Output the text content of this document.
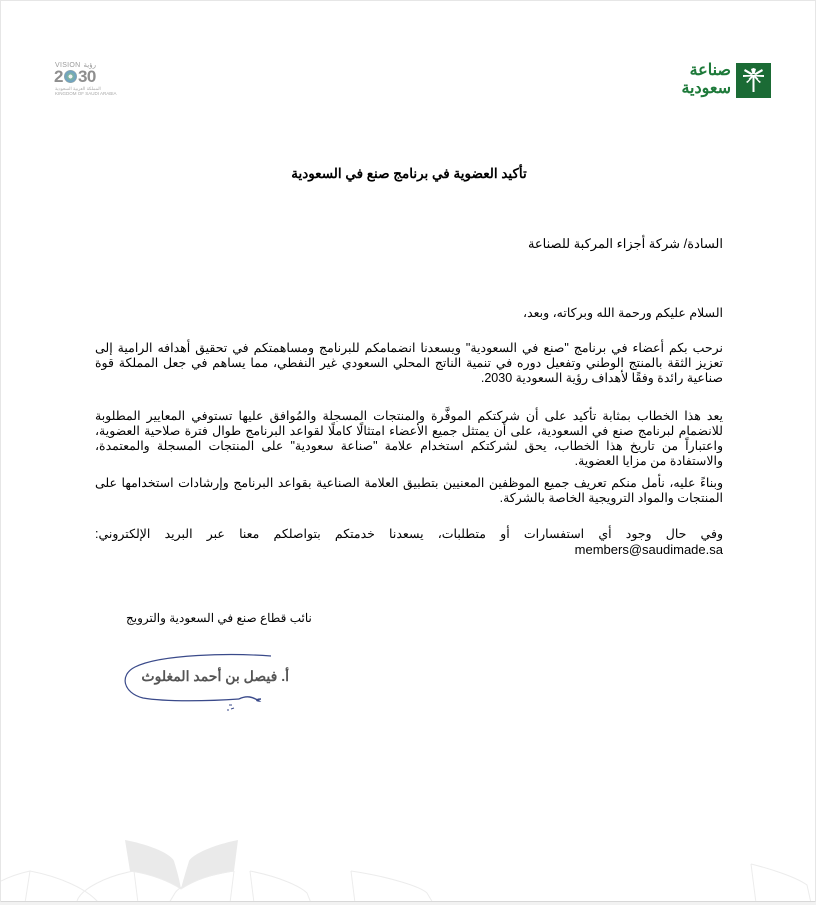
VISION رؤية
2 30
المملكة العربية السعودية
KINGDOM OF SAUDI ARABIA
صناعة
سعودية
تأكيد العضوية في برنامج صنع في السعودية
السادة/ شركة أجزاء المركبة للصناعة
السلام عليكم ورحمة الله وبركاته، وبعد،
نرحب بكم أعضاء في برنامج "صنع في السعودية" ويسعدنا انضمامكم للبرنامج ومساهمتكم في تحقيق أهدافه الرامية إلى تعزيز الثقة بالمنتج الوطني وتفعيل دوره في تنمية الناتج المحلي السعودي غير النفطي، مما يساهم في جعل المملكة قوة صناعية رائدة وفقًا لأهداف رؤية السعودية 2030.
يعد هذا الخطاب بمثابة تأكيد على أن شركتكم الموفَّرة والمنتجات المسجلة والمُوافق عليها تستوفي المعايير المطلوبة للانضمام لبرنامج صنع في السعودية، على أن يمتثل جميع الأعضاء امتثالًا كاملًا لقواعد البرنامج طوال فترة صلاحية العضوية، واعتباراً من تاريخ هذا الخطاب، يحق لشركتكم استخدام علامة "صناعة سعودية" على المنتجات المسجلة والمعتمدة، والاستفادة من مزايا العضوية.
وبناءً عليه، نأمل منكم تعريف جميع الموظفين المعنيين بتطبيق العلامة الصناعية بقواعد البرنامج وإرشادات استخدامها على المنتجات والمواد الترويجية الخاصة بالشركة.
وفي حال وجود أي استفسارات أو متطلبات، يسعدنا خدمتكم بتواصلكم معنا عبر البريد الإلكتروني: members@saudimade.sa
نائب قطاع صنع في السعودية والترويج
أ. فيصل بن أحمد المغلوث
